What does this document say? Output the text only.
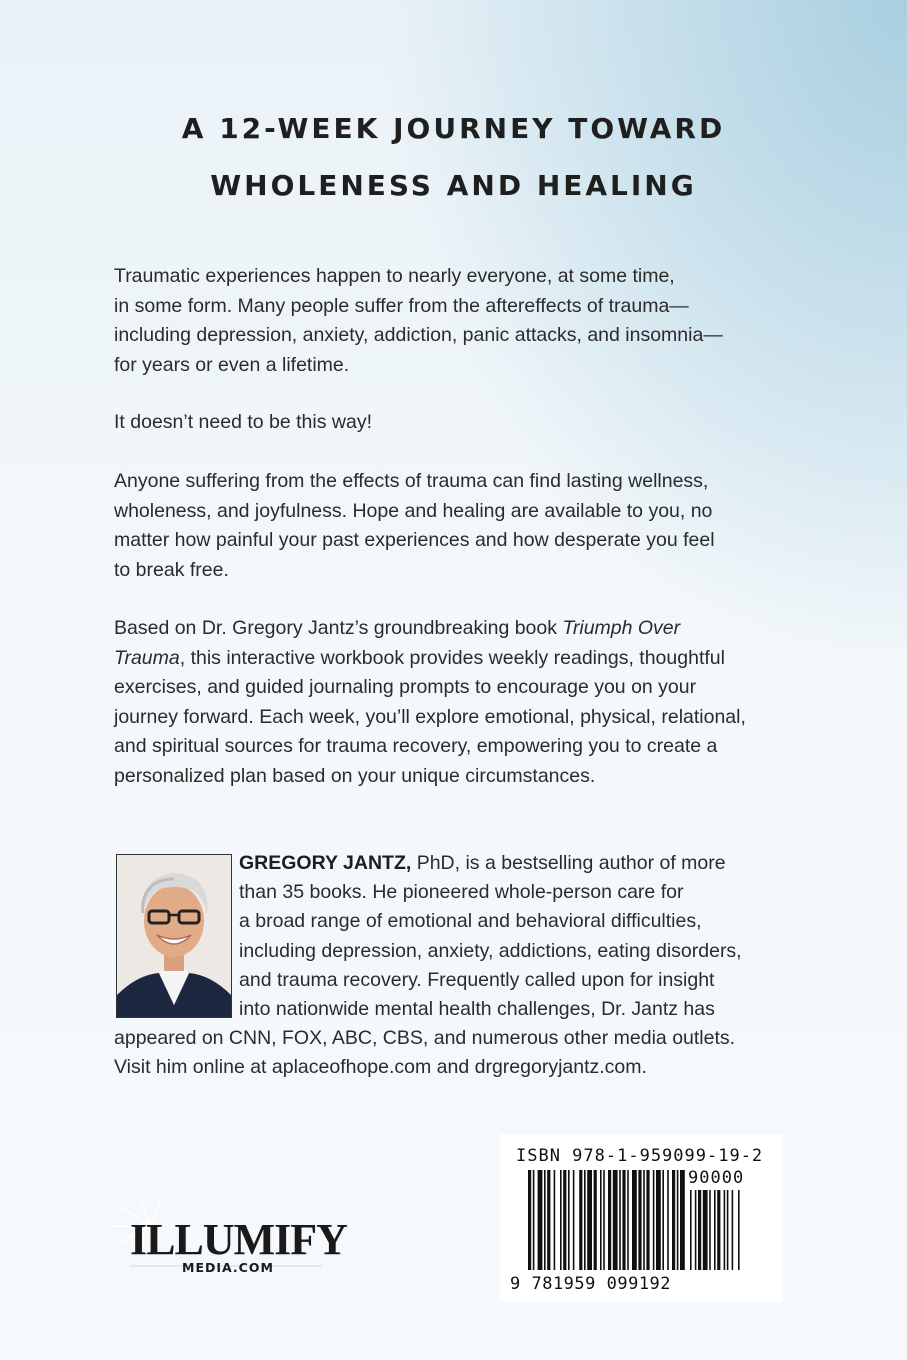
A 12-WEEK JOURNEY TOWARD
WHOLENESS AND HEALING
Traumatic experiences happen to nearly everyone, at some time,
in some form. Many people suffer from the aftereffects of trauma—
including depression, anxiety, addiction, panic attacks, and insomnia—
for years or even a lifetime.
It doesn’t need to be this way!
Anyone suffering from the effects of trauma can find lasting wellness,
wholeness, and joyfulness. Hope and healing are available to you, no
matter how painful your past experiences and how desperate you feel
to break free.
Based on Dr. Gregory Jantz’s groundbreaking book Triumph Over
Trauma, this interactive workbook provides weekly readings, thoughtful
exercises, and guided journaling prompts to encourage you on your
journey forward. Each week, you’ll explore emotional, physical, relational,
and spiritual sources for trauma recovery, empowering you to create a
personalized plan based on your unique circumstances.
GREGORY JANTZ, PhD, is a bestselling author of more
than 35 books. He pioneered whole-person care for
a broad range of emotional and behavioral difficulties,
including depression, anxiety, addictions, eating disorders,
and trauma recovery. Frequently called upon for insight
into nationwide mental health challenges, Dr. Jantz has
appeared on CNN, FOX, ABC, CBS, and numerous other media outlets.
Visit him online at aplaceofhope.com and drgregoryjantz.com.
ILLUMIFY
MEDIA.COM
ISBN 978-1-959099-19-2
90000
9 781959 099192
